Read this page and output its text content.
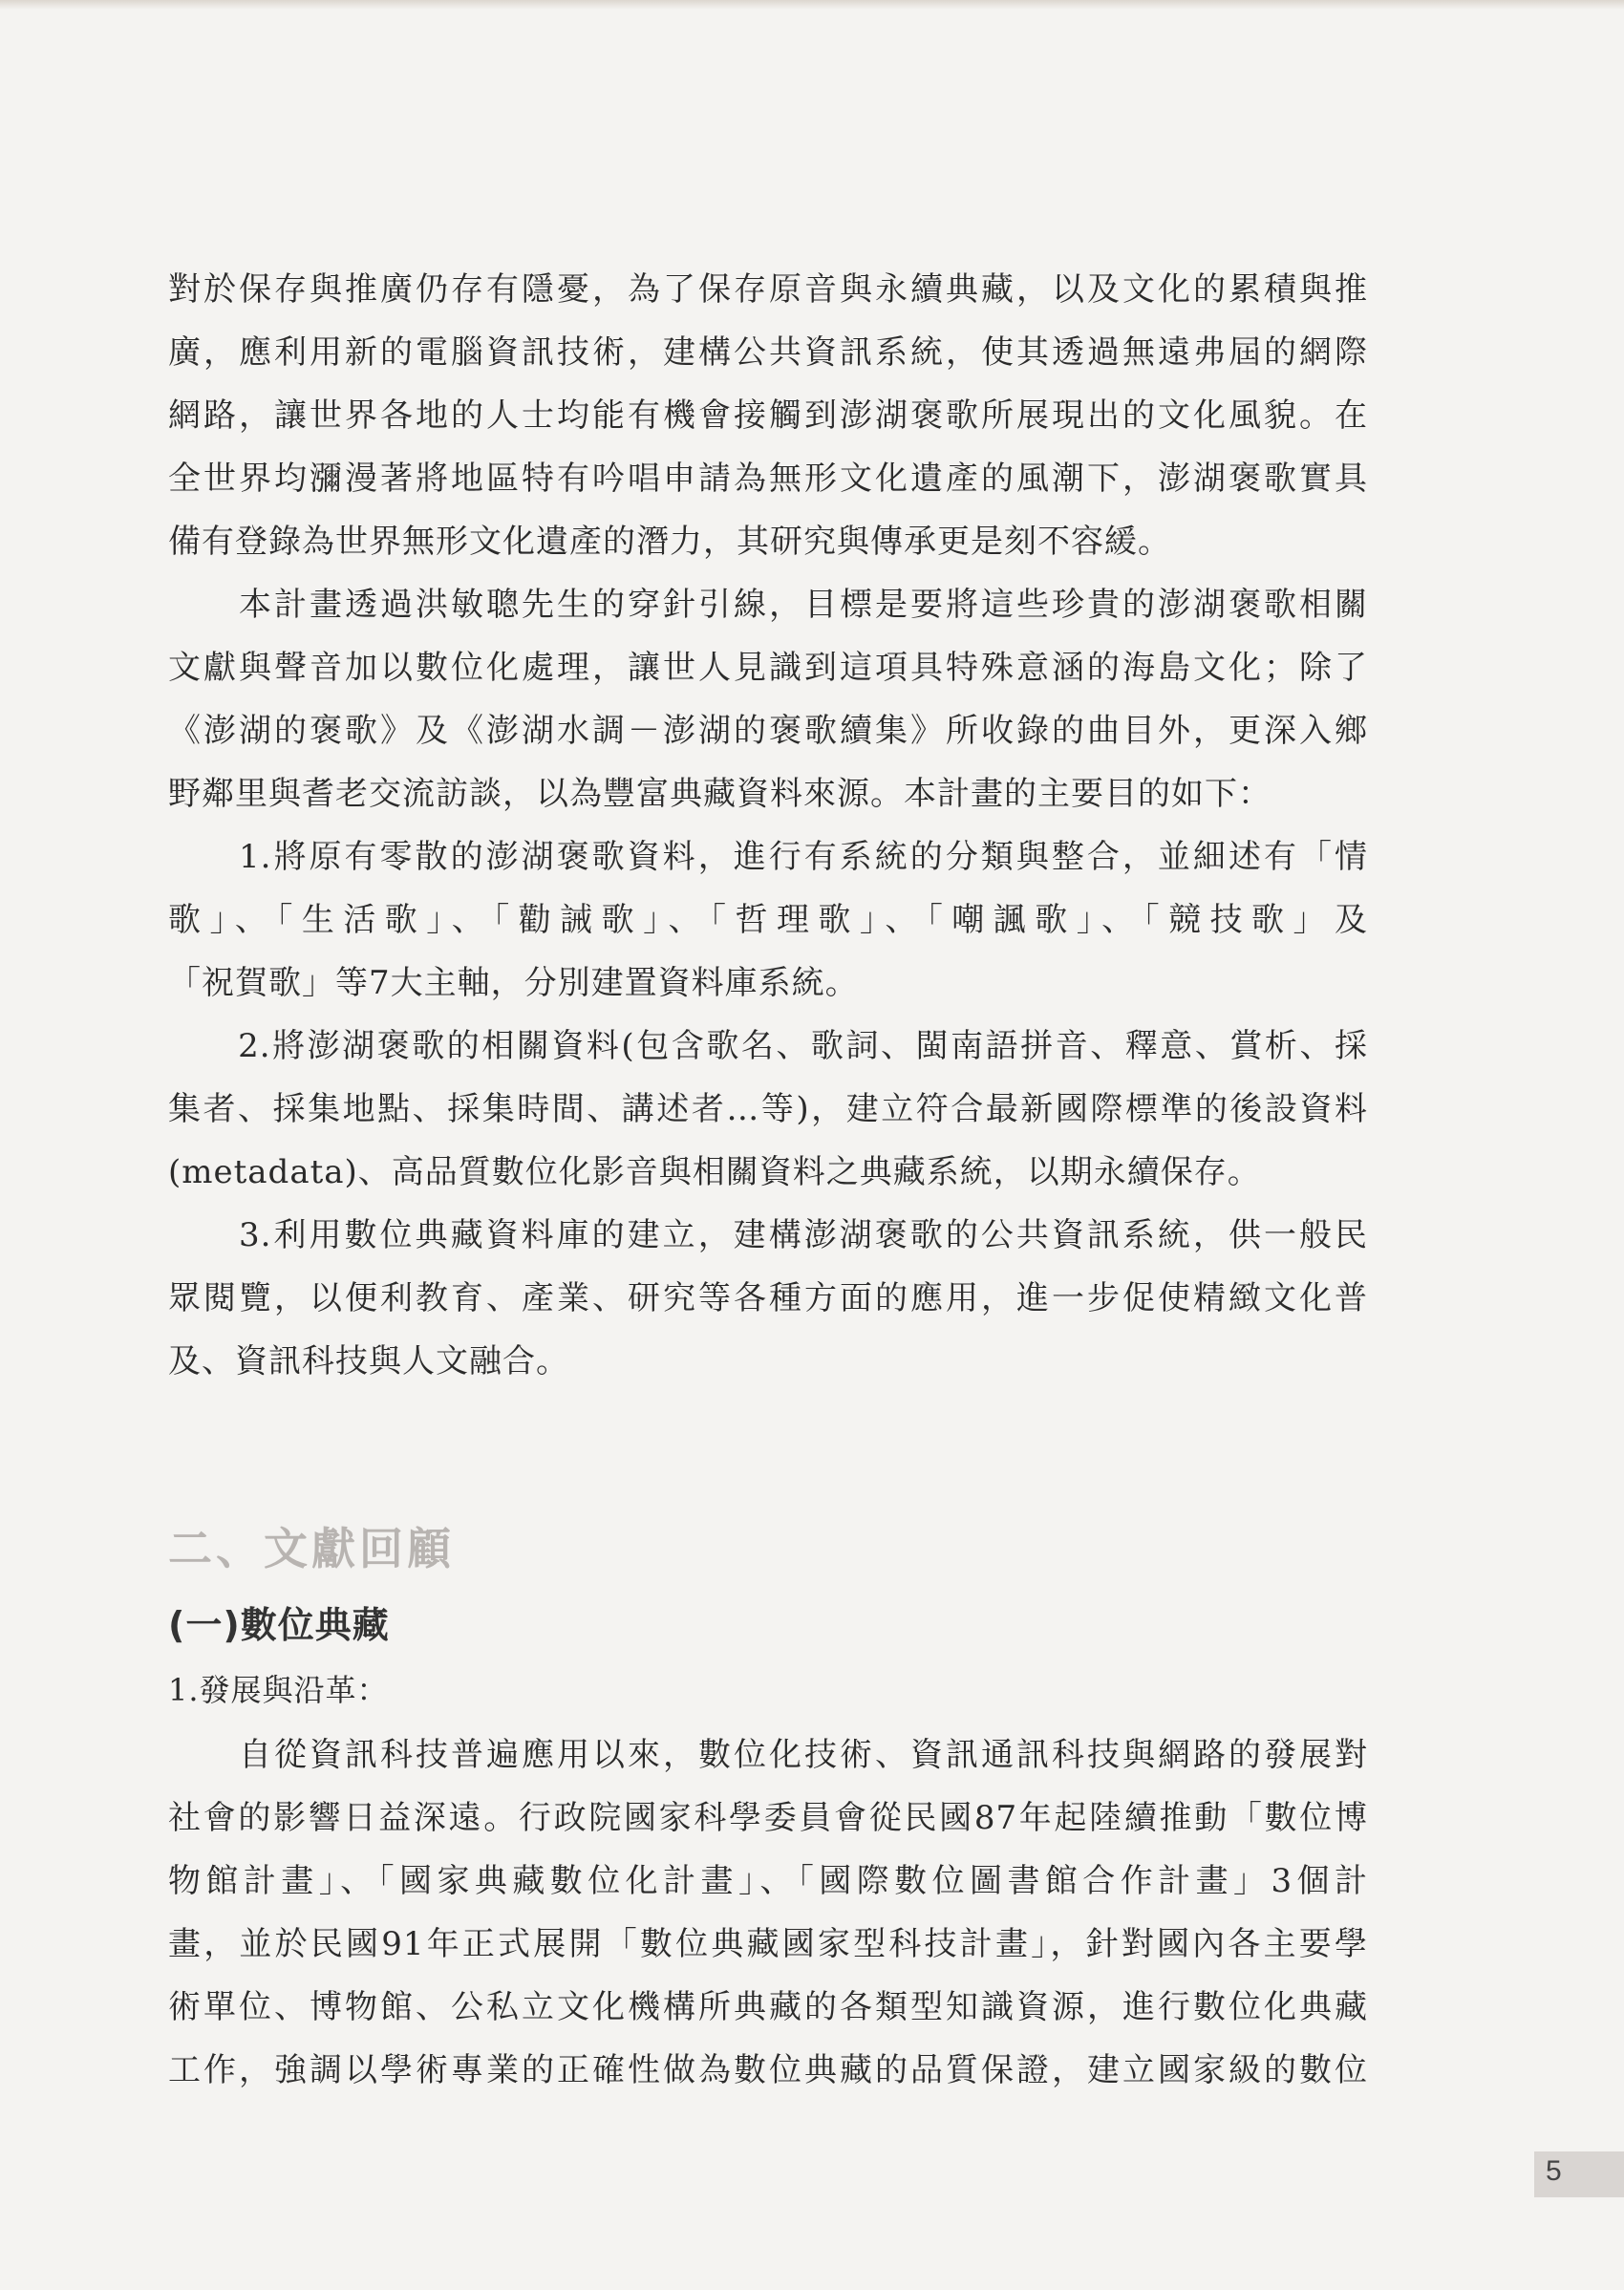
對於保存與推廣仍存有隱憂，為了保存原音與永續典藏，以及文化的累積與推
廣，應利用新的電腦資訊技術，建構公共資訊系統，使其透過無遠弗屆的網際
網路，讓世界各地的人士均能有機會接觸到澎湖褒歌所展現出的文化風貌。在
全世界均瀰漫著將地區特有吟唱申請為無形文化遺產的風潮下，澎湖褒歌實具
備有登錄為世界無形文化遺產的潛力，其研究與傳承更是刻不容緩。
　　本計畫透過洪敏聰先生的穿針引線，目標是要將這些珍貴的澎湖褒歌相關
文獻與聲音加以數位化處理，讓世人見識到這項具特殊意涵的海島文化；除了
《澎湖的褒歌》及《澎湖水調－澎湖的褒歌續集》所收錄的曲目外，更深入鄉
野鄰里與耆老交流訪談，以為豐富典藏資料來源。本計畫的主要目的如下：
　　1.將原有零散的澎湖褒歌資料，進行有系統的分類與整合，並細述有「情
歌」、「生活歌」、「勸誡歌」、「哲理歌」、「嘲諷歌」、「競技歌」及
「祝賀歌」等7大主軸，分別建置資料庫系統。
　　2.將澎湖褒歌的相關資料(包含歌名、歌詞、閩南語拼音、釋意、賞析、採
集者、採集地點、採集時間、講述者…等)，建立符合最新國際標準的後設資料
(metadata)、高品質數位化影音與相關資料之典藏系統，以期永續保存。
　　3.利用數位典藏資料庫的建立，建構澎湖褒歌的公共資訊系統，供一般民
眾閱覽，以便利教育、產業、研究等各種方面的應用，進一步促使精緻文化普
及、資訊科技與人文融合。
二、文獻回顧
(一)數位典藏
1.發展與沿革：
　　自從資訊科技普遍應用以來，數位化技術、資訊通訊科技與網路的發展對
社會的影響日益深遠。行政院國家科學委員會從民國87年起陸續推動「數位博
物館計畫」、「國家典藏數位化計畫」、「國際數位圖書館合作計畫」3個計
畫，並於民國91年正式展開「數位典藏國家型科技計畫」，針對國內各主要學
術單位、博物館、公私立文化機構所典藏的各類型知識資源，進行數位化典藏
工作，強調以學術專業的正確性做為數位典藏的品質保證，建立國家級的數位
5
